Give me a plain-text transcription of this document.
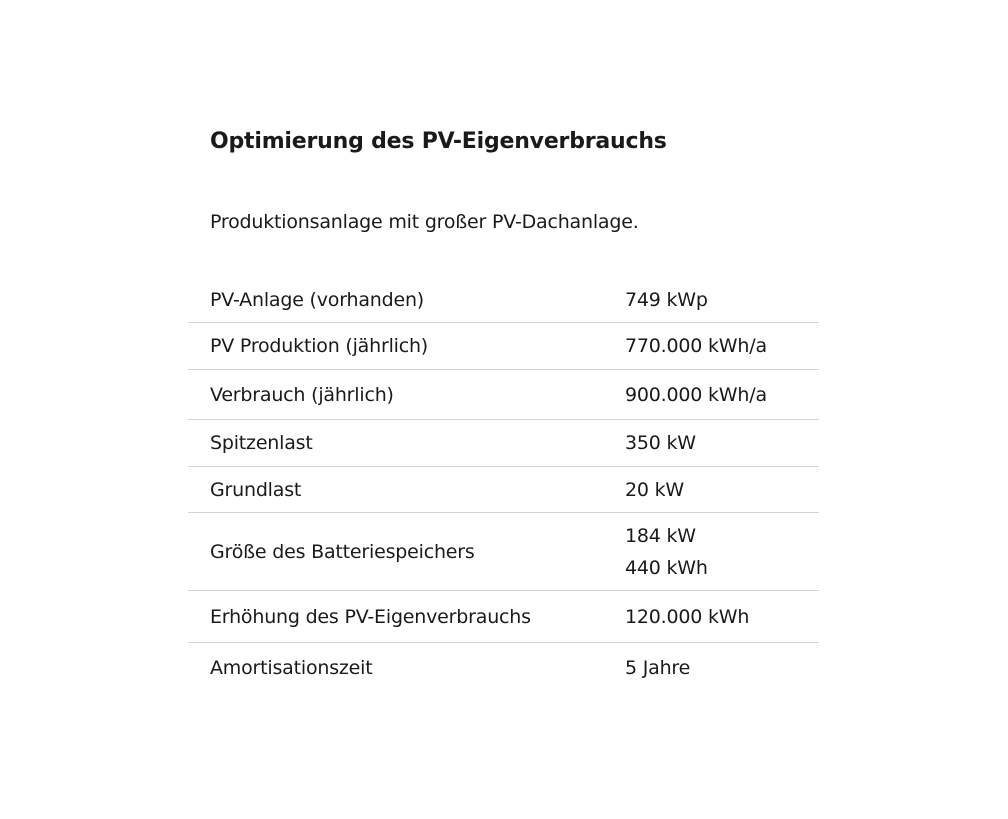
Optimierung des PV-Eigenverbrauchs

Produktionsanlage mit großer PV-Dachanlage.

PV-Anlage (vorhanden)	749 kWp

PV Produktion (jährlich)	770.000 kWh/a

Verbrauch (jährlich)	900.000 kWh/a

Spitzenlast	350 kW

Grundlast	20 kW

Größe des Batteriespeichers	184 kW
440 kWh

Erhöhung des PV-Eigenverbrauchs	120.000 kWh

Amortisationszeit	5 Jahre
